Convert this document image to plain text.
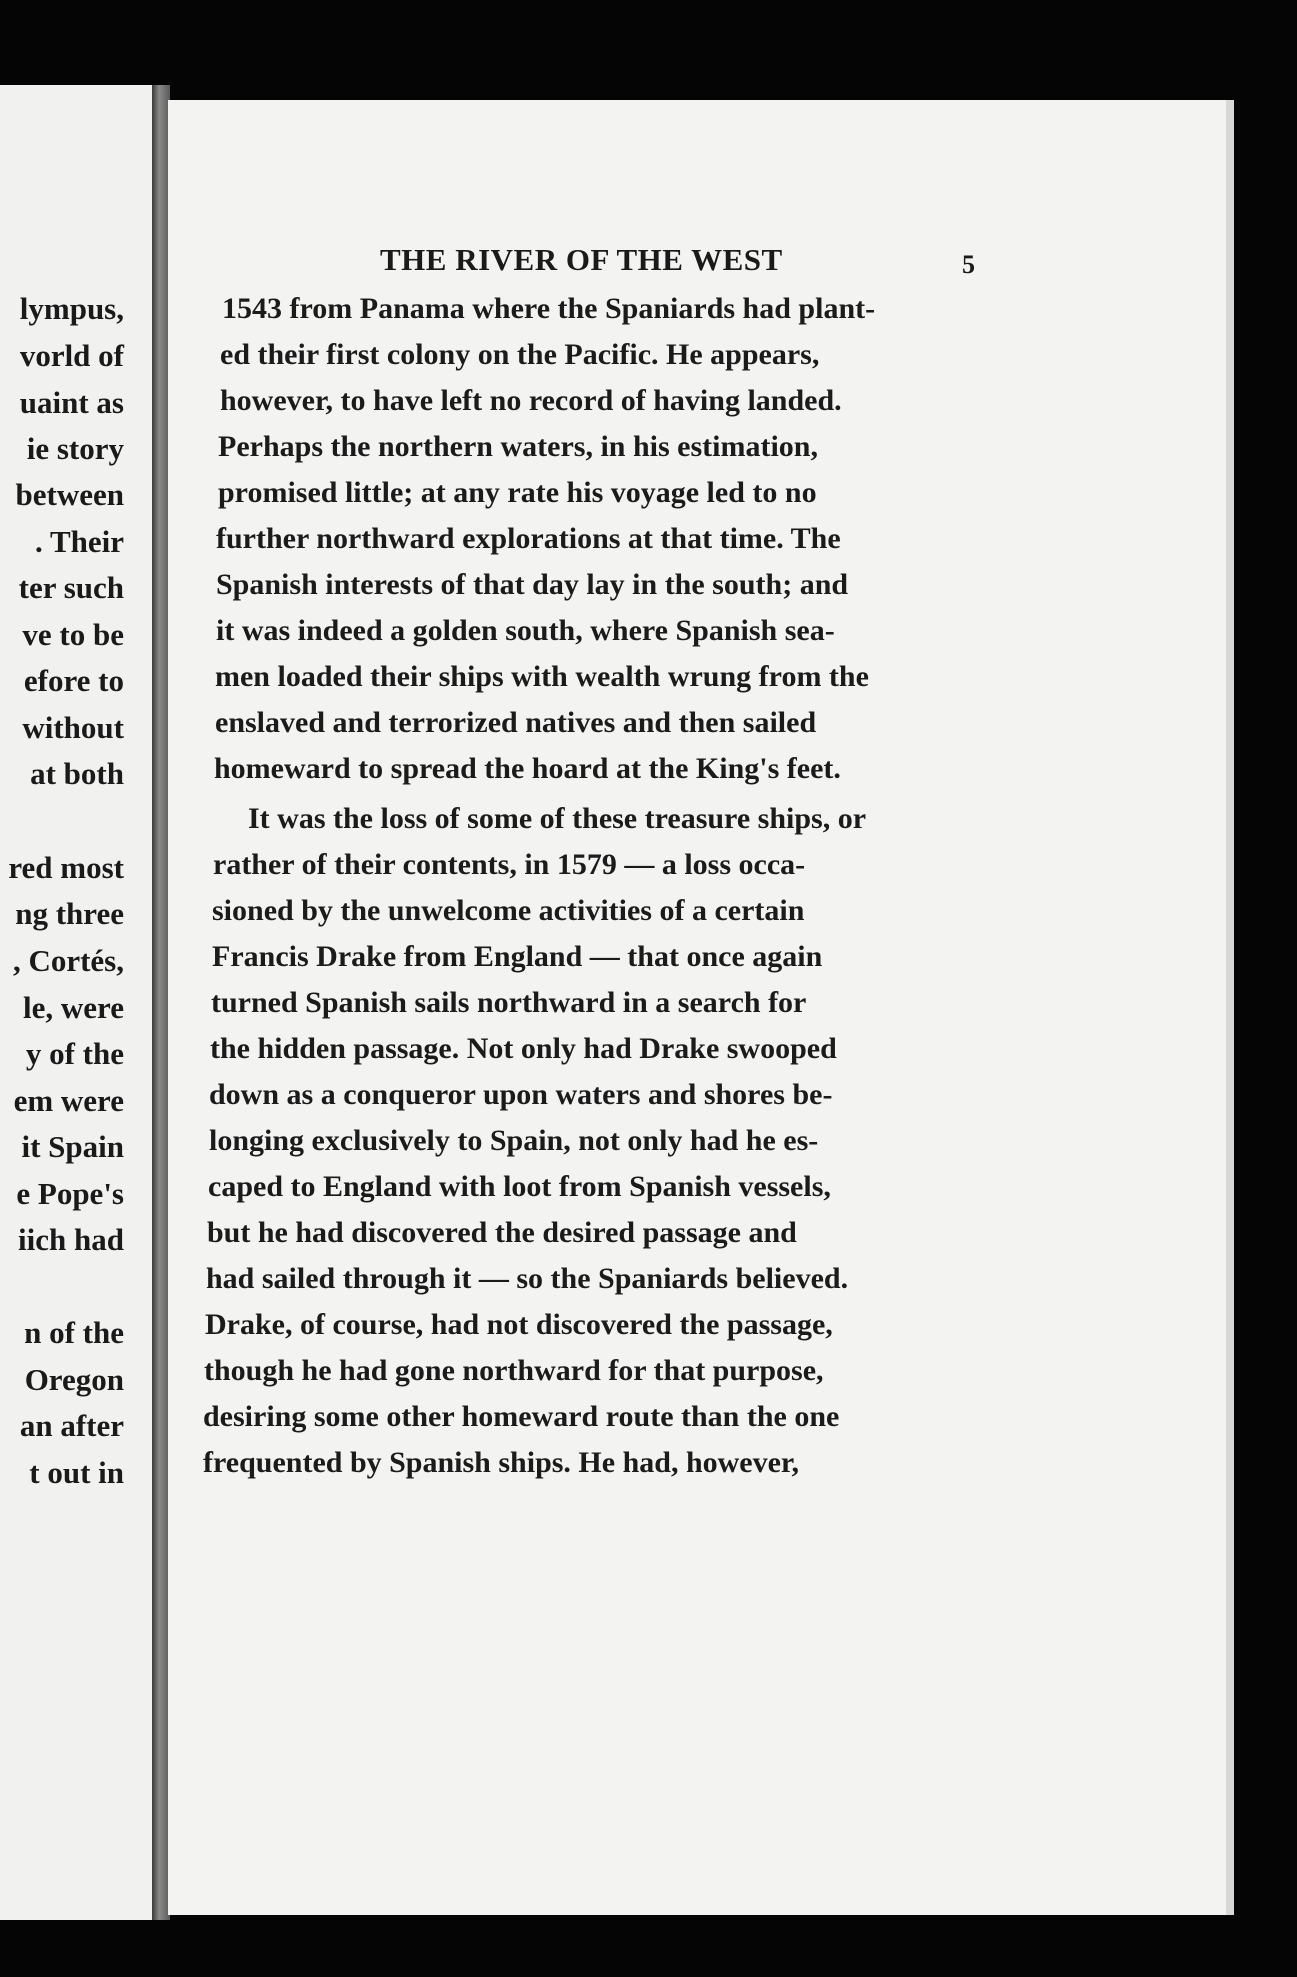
lympus,
vorld of
uaint as
ie story
between
. Their
ter such
ve to be
efore to
without
at both
red most
ng three
, Cortés,
le, were
y of the
em were
it Spain
e Pope's
iich had
n of the
Oregon
an after
t out in
THE RIVER OF THE WEST	5
1543 from Panama where the Spaniards had plant-
ed their first colony on the Pacific. He appears,
however, to have left no record of having landed.
Perhaps the northern waters, in his estimation,
promised little; at any rate his voyage led to no
further northward explorations at that time. The
Spanish interests of that day lay in the south; and
it was indeed a golden south, where Spanish sea-
men loaded their ships with wealth wrung from the
enslaved and terrorized natives and then sailed
homeward to spread the hoard at the King's feet.
It was the loss of some of these treasure ships, or
rather of their contents, in 1579 — a loss occa-
sioned by the unwelcome activities of a certain
Francis Drake from England — that once again
turned Spanish sails northward in a search for
the hidden passage. Not only had Drake swooped
down as a conqueror upon waters and shores be-
longing exclusively to Spain, not only had he es-
caped to England with loot from Spanish vessels,
but he had discovered the desired passage and
had sailed through it — so the Spaniards believed.
Drake, of course, had not discovered the passage,
though he had gone northward for that purpose,
desiring some other homeward route than the one
frequented by Spanish ships. He had, however,
